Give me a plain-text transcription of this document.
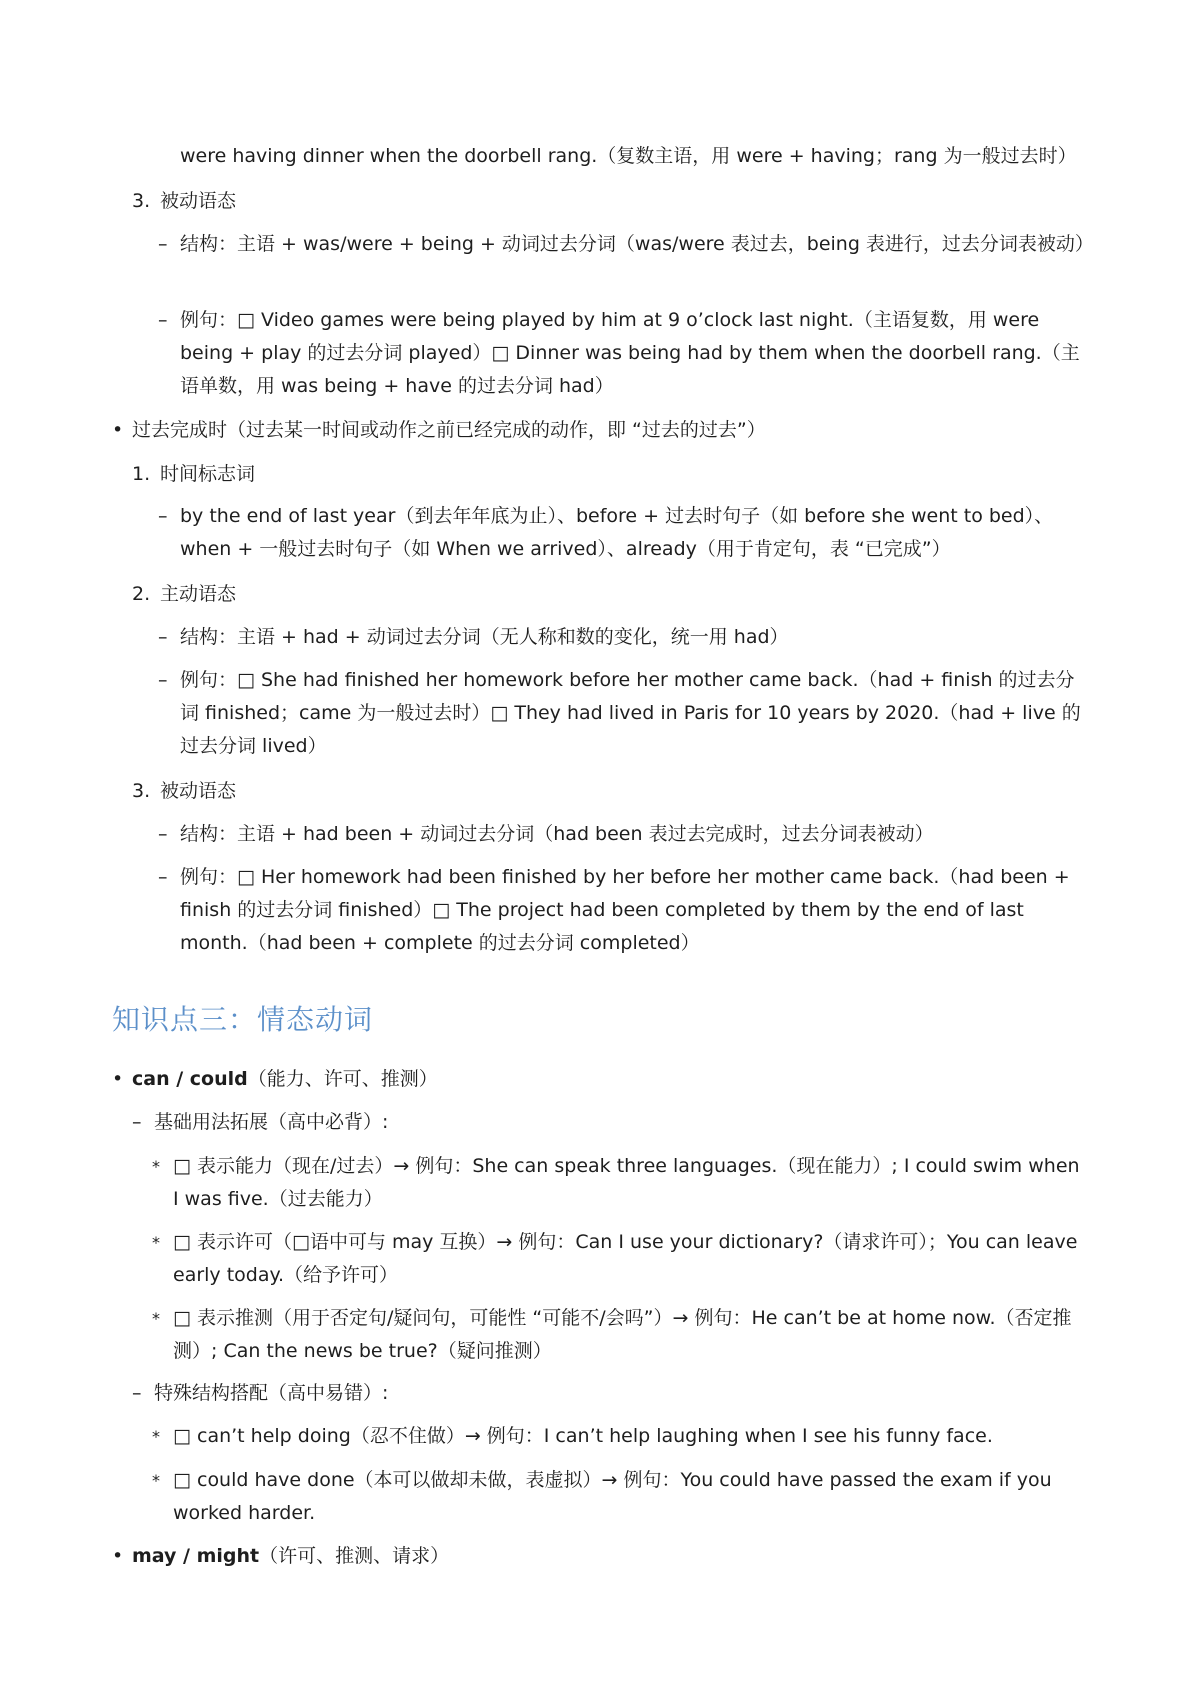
were having dinner when the doorbell rang.（复数主语，用 were + having；rang 为一般过去时）
3. 被动语态
– 结构：主语 + was/were + being + 动词过去分词（was/were 表过去，being 表进行，过去分词表被动）
– 例句：□ Video games were being played by him at 9 o’clock last night.（主语复数，用 were being + play 的过去分词 played）□ Dinner was being had by them when the doorbell rang.（主语单数，用 was being + have 的过去分词 had）
• 过去完成时（过去某一时间或动作之前已经完成的动作，即 “过去的过去”）
1. 时间标志词
– by the end of last year（到去年年底为止）、before + 过去时句子（如 before she went to bed）、when + 一般过去时句子（如 When we arrived）、already（用于肯定句，表 “已完成”）
2. 主动语态
– 结构：主语 + had + 动词过去分词（无人称和数的变化，统一用 had）
– 例句：□ She had finished her homework before her mother came back.（had + finish 的过去分词 finished；came 为一般过去时）□ They had lived in Paris for 10 years by 2020.（had + live 的过去分词 lived）
3. 被动语态
– 结构：主语 + had been + 动词过去分词（had been 表过去完成时，过去分词表被动）
– 例句：□ Her homework had been finished by her before her mother came back.（had been + finish 的过去分词 finished）□ The project had been completed by them by the end of last month.（had been + complete 的过去分词 completed）
知识点三：情态动词
• can / could（能力、许可、推测）
– 基础用法拓展（高中必背）:
* □ 表示能力（现在/过去）→ 例句：She can speak three languages.（现在能力）; I could swim when I was five.（过去能力）
* □ 表示许可（□语中可与 may 互换）→ 例句：Can I use your dictionary?（请求许可）；You can leave early today.（给予许可）
* □ 表示推测（用于否定句/疑问句，可能性 “可能不/会吗”）→ 例句：He can’t be at home now.（否定推测）; Can the news be true?（疑问推测）
– 特殊结构搭配（高中易错）:
* □ can’t help doing（忍不住做）→ 例句：I can’t help laughing when I see his funny face.
* □ could have done（本可以做却未做，表虚拟）→ 例句：You could have passed the exam if you worked harder.
• may / might（许可、推测、请求）
